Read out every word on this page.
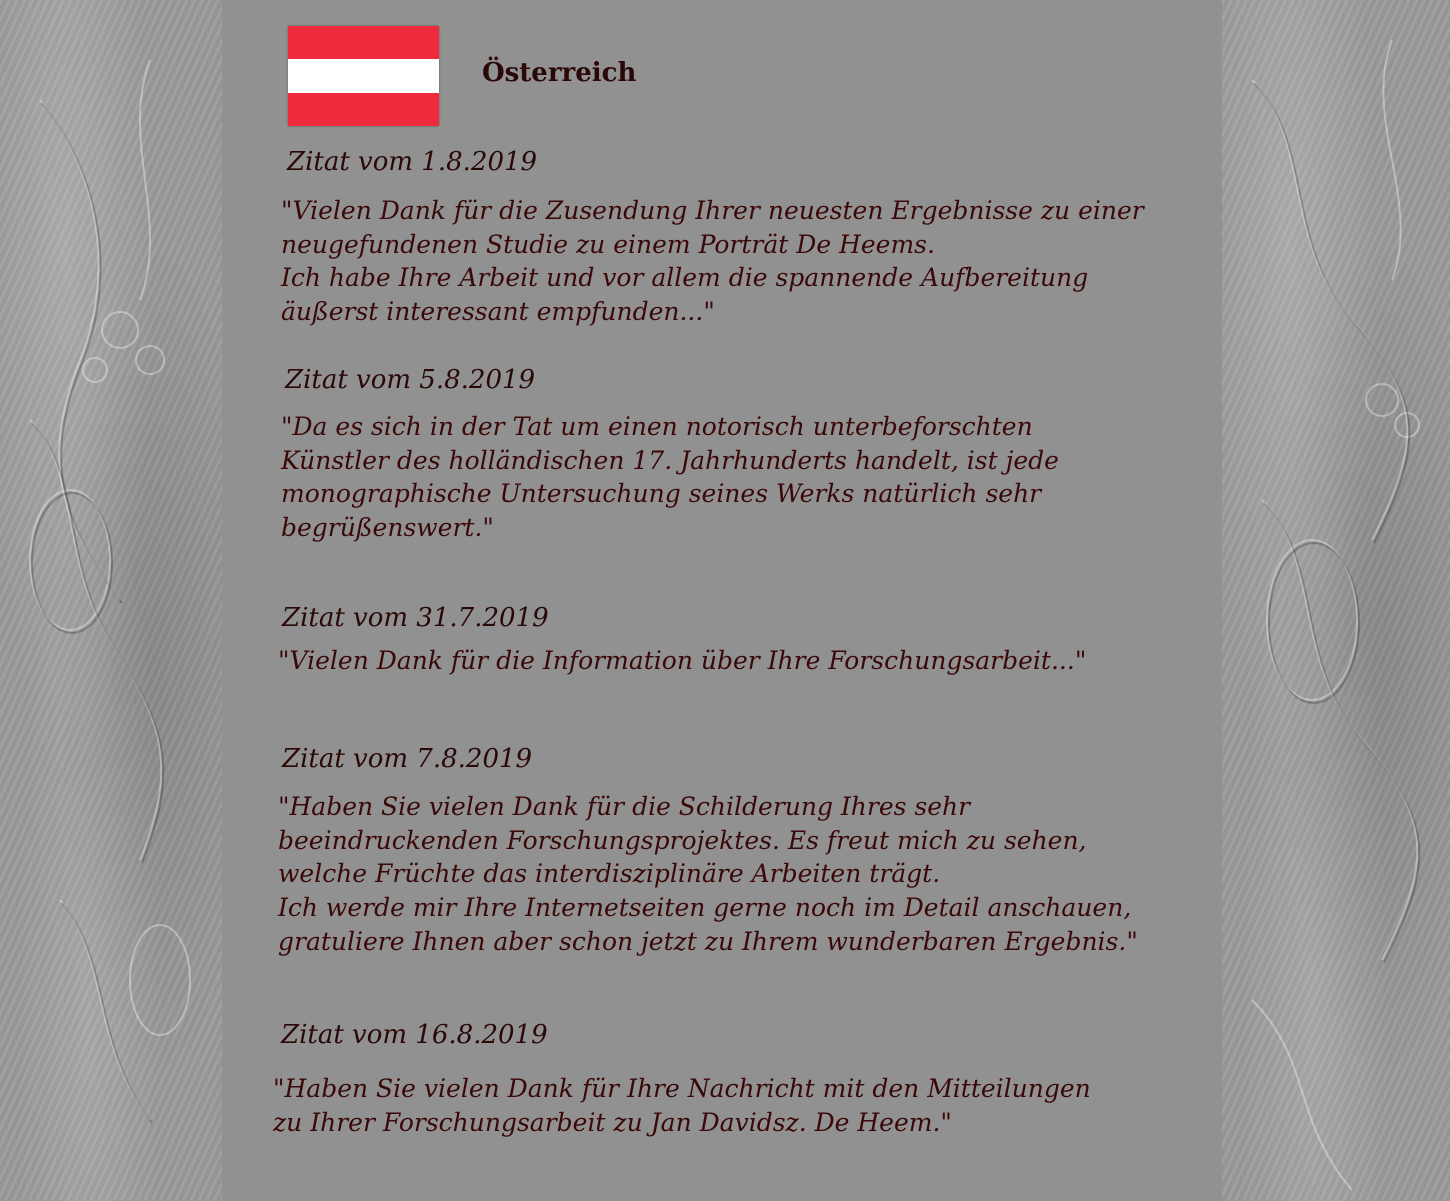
Österreich

Zitat vom 1.8.2019

"Vielen Dank für die Zusendung Ihrer neuesten Ergebnisse zu einer
neugefundenen Studie zu einem Porträt De Heems.
Ich habe Ihre Arbeit und vor allem die spannende Aufbereitung
äußerst interessant empfunden..."

Zitat vom 5.8.2019

"Da es sich in der Tat um einen notorisch unterbeforschten
Künstler des holländischen 17. Jahrhunderts handelt, ist jede
monographische Untersuchung seines Werks natürlich sehr
begrüßenswert."

Zitat vom 31.7.2019

"Vielen Dank für die Information über Ihre Forschungsarbeit..."

Zitat vom 7.8.2019

"Haben Sie vielen Dank für die Schilderung Ihres sehr
beeindruckenden Forschungsprojektes. Es freut mich zu sehen,
welche Früchte das interdisziplinäre Arbeiten trägt.
Ich werde mir Ihre Internetseiten gerne noch im Detail anschauen,
gratuliere Ihnen aber schon jetzt zu Ihrem wunderbaren Ergebnis."

Zitat vom 16.8.2019

"Haben Sie vielen Dank für Ihre Nachricht mit den Mitteilungen
zu Ihrer Forschungsarbeit zu Jan Davidsz. De Heem."
